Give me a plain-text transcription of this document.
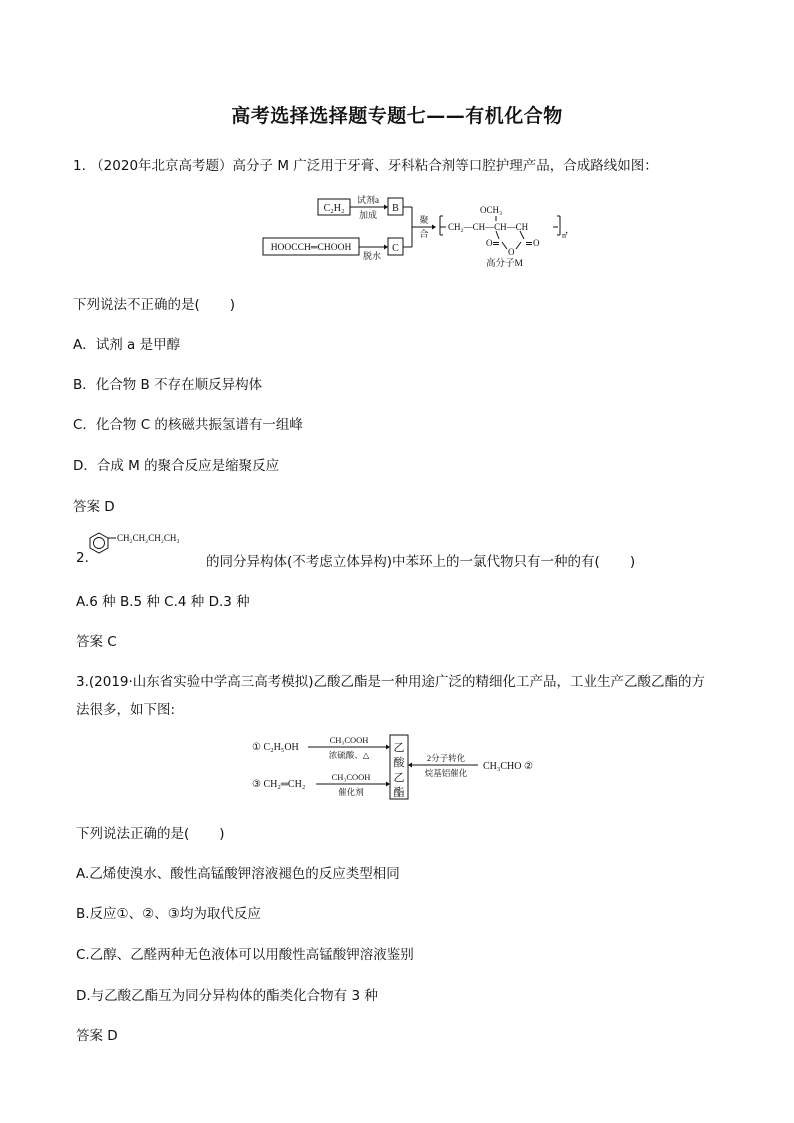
高考选择选择题专题七——有机化合物
1. （2020年北京高考题）高分子 M 广泛用于牙膏、牙科粘合剂等口腔护理产品，合成路线如图：
C₂H₂
试剂a
加成
B
HOOCCH═CHOOH
脱水
C
聚
合
CH₂—CH—CH—CH
n ，
OCH₃
O
O
O
高分子M
下列说法不正确的是( )
A．试剂 a 是甲醇
B．化合物 B 不存在顺反异构体
C．化合物 C 的核磁共振氢谱有一组峰
D．合成 M 的聚合反应是缩聚反应
答案 D
2.
CH₂CH₂CH₂CH₃
的同分异构体(不考虑立体异构)中苯环上的一氯代物只有一种的有( )
A.6 种 B.5 种 C.4 种 D.3 种
答案 C
3.(2019·山东省实验中学高三高考模拟)乙酸乙酯是一种用途广泛的精细化工产品，工业生产乙酸乙酯的方
法很多，如下图:
① C₂H₅OH
CH₃COOH
浓硫酸、△
③ CH₂═CH₂
CH₃COOH
催化剂
乙
酸
乙
酯
2分子转化
烷基铝催化
CH₃CHO ②
下列说法正确的是( )
A.乙烯使溴水、酸性高锰酸钾溶液褪色的反应类型相同
B.反应①、②、③均为取代反应
C.乙醇、乙醛两种无色液体可以用酸性高锰酸钾溶液鉴别
D.与乙酸乙酯互为同分异构体的酯类化合物有 3 种
答案 D
